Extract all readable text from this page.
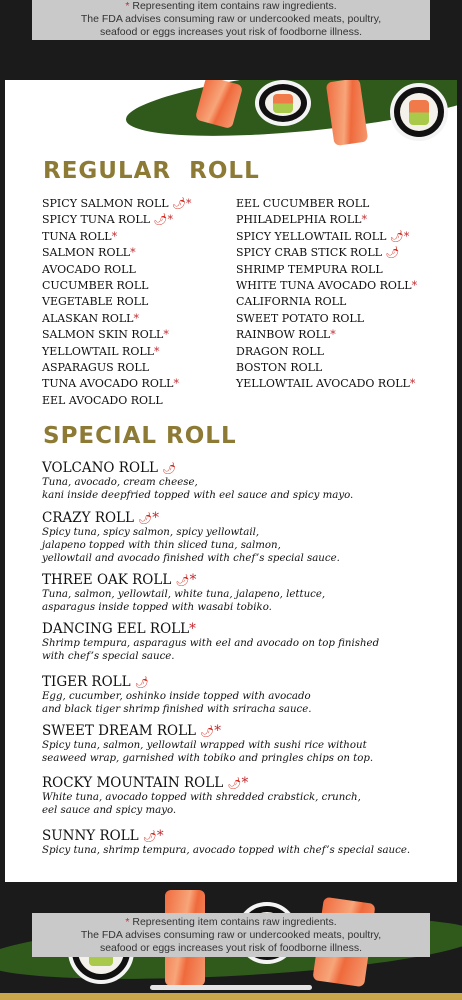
* Representing item contains raw ingredients.
The FDA advises consuming raw or undercooked meats, poultry,
seafood or eggs increases yout risk of foodborne illness.
REGULAR  ROLL
SPICY SALMON ROLL 🌶︎*
SPICY TUNA ROLL 🌶︎*
TUNA ROLL*
SALMON ROLL*
AVOCADO ROLL
CUCUMBER ROLL
VEGETABLE ROLL
ALASKAN ROLL*
SALMON SKIN ROLL*
YELLOWTAIL ROLL*
ASPARAGUS ROLL
TUNA AVOCADO ROLL*
EEL AVOCADO ROLL
EEL CUCUMBER ROLL
PHILADELPHIA ROLL*
SPICY YELLOWTAIL ROLL 🌶︎*
SPICY CRAB STICK ROLL 🌶︎
SHRIMP TEMPURA ROLL
WHITE TUNA AVOCADO ROLL*
CALIFORNIA ROLL
SWEET POTATO ROLL
RAINBOW ROLL*
DRAGON ROLL
BOSTON ROLL
YELLOWTAIL AVOCADO ROLL*
SPECIAL ROLL
VOLCANO ROLL 🌶︎
Tuna, avocado, cream cheese,
kani inside deepfried topped with eel sauce and spicy mayo.
CRAZY ROLL 🌶︎*
Spicy tuna, spicy salmon, spicy yellowtail,
jalapeno topped with thin sliced tuna, salmon,
yellowtail and avocado finished with chef’s special sauce.
THREE OAK ROLL 🌶︎*
Tuna, salmon, yellowtail, white tuna, jalapeno, lettuce,
asparagus inside topped with wasabi tobiko.
DANCING EEL ROLL*
Shrimp tempura, asparagus with eel and avocado on top finished
with chef’s special sauce.
TIGER ROLL 🌶︎
Egg, cucumber, oshinko inside topped with avocado
and black tiger shrimp finished with sriracha sauce.
SWEET DREAM ROLL 🌶︎*
Spicy tuna, salmon, yellowtail wrapped with sushi rice without
seaweed wrap, garnished with tobiko and pringles chips on top.
ROCKY MOUNTAIN ROLL 🌶︎*
White tuna, avocado topped with shredded crabstick, crunch,
eel sauce and spicy mayo.
SUNNY ROLL 🌶︎*
Spicy tuna, shrimp tempura, avocado topped with chef’s special sauce.
* Representing item contains raw ingredients.
The FDA advises consuming raw or undercooked meats, poultry,
seafood or eggs increases yout risk of foodborne illness.
